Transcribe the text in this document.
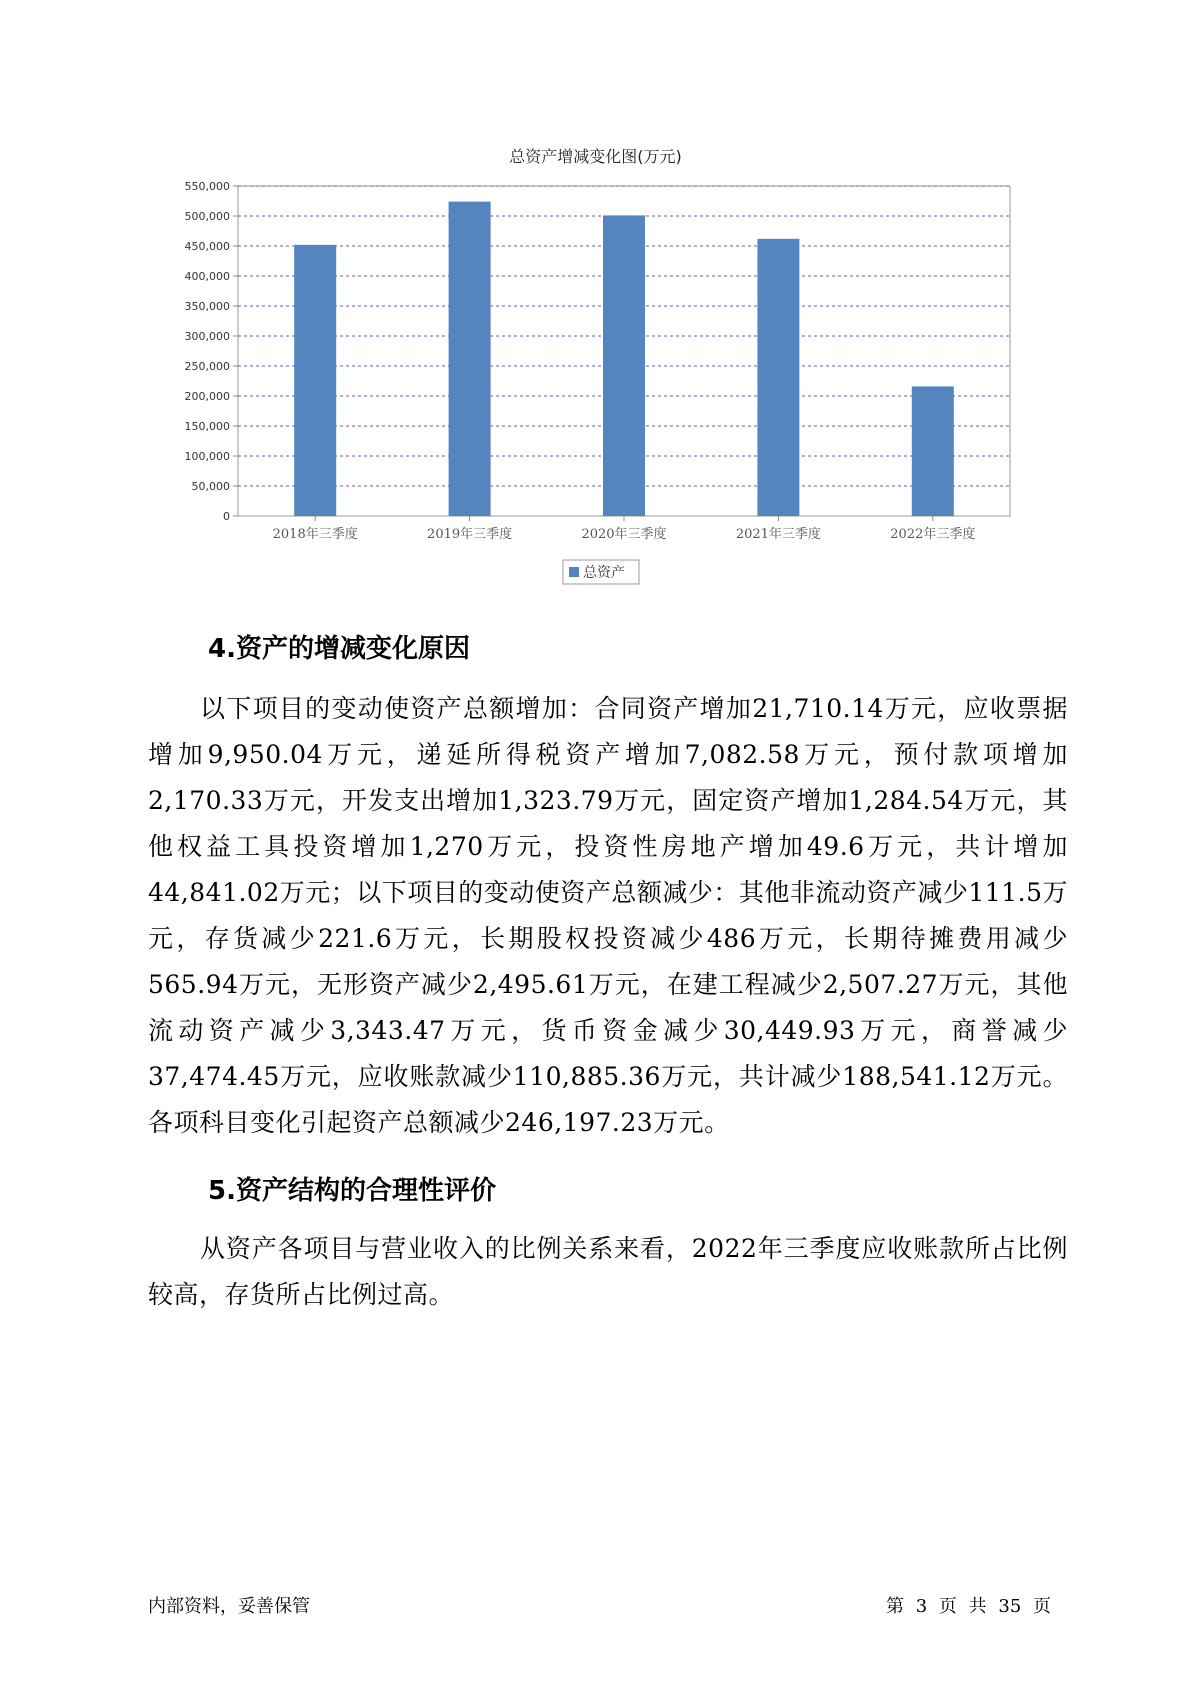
总资产增减变化图(万元)
0
50,000
100,000
150,000
200,000
250,000
300,000
350,000
400,000
450,000
500,000
550,000
2018年三季度	2019年三季度	2020年三季度	2021年三季度	2022年三季度
总资产
4.资产的增减变化原因
以下项目的变动使资产总额增加：合同资产增加21,710.14万元，应收票据增加9,950.04万元，递延所得税资产增加7,082.58万元，预付款项增加2,170.33万元，开发支出增加1,323.79万元，固定资产增加1,284.54万元，其他权益工具投资增加1,270万元，投资性房地产增加49.6万元，共计增加44,841.02万元；以下项目的变动使资产总额减少：其他非流动资产减少111.5万元，存货减少221.6万元，长期股权投资减少486万元，长期待摊费用减少565.94万元，无形资产减少2,495.61万元，在建工程减少2,507.27万元，其他流动资产减少3,343.47万元，货币资金减少30,449.93万元，商誉减少37,474.45万元，应收账款减少110,885.36万元，共计减少188,541.12万元。各项科目变化引起资产总额减少246,197.23万元。
5.资产结构的合理性评价
从资产各项目与营业收入的比例关系来看，2022年三季度应收账款所占比例较高，存货所占比例过高。
内部资料，妥善保管	第 3 页 共 35 页
